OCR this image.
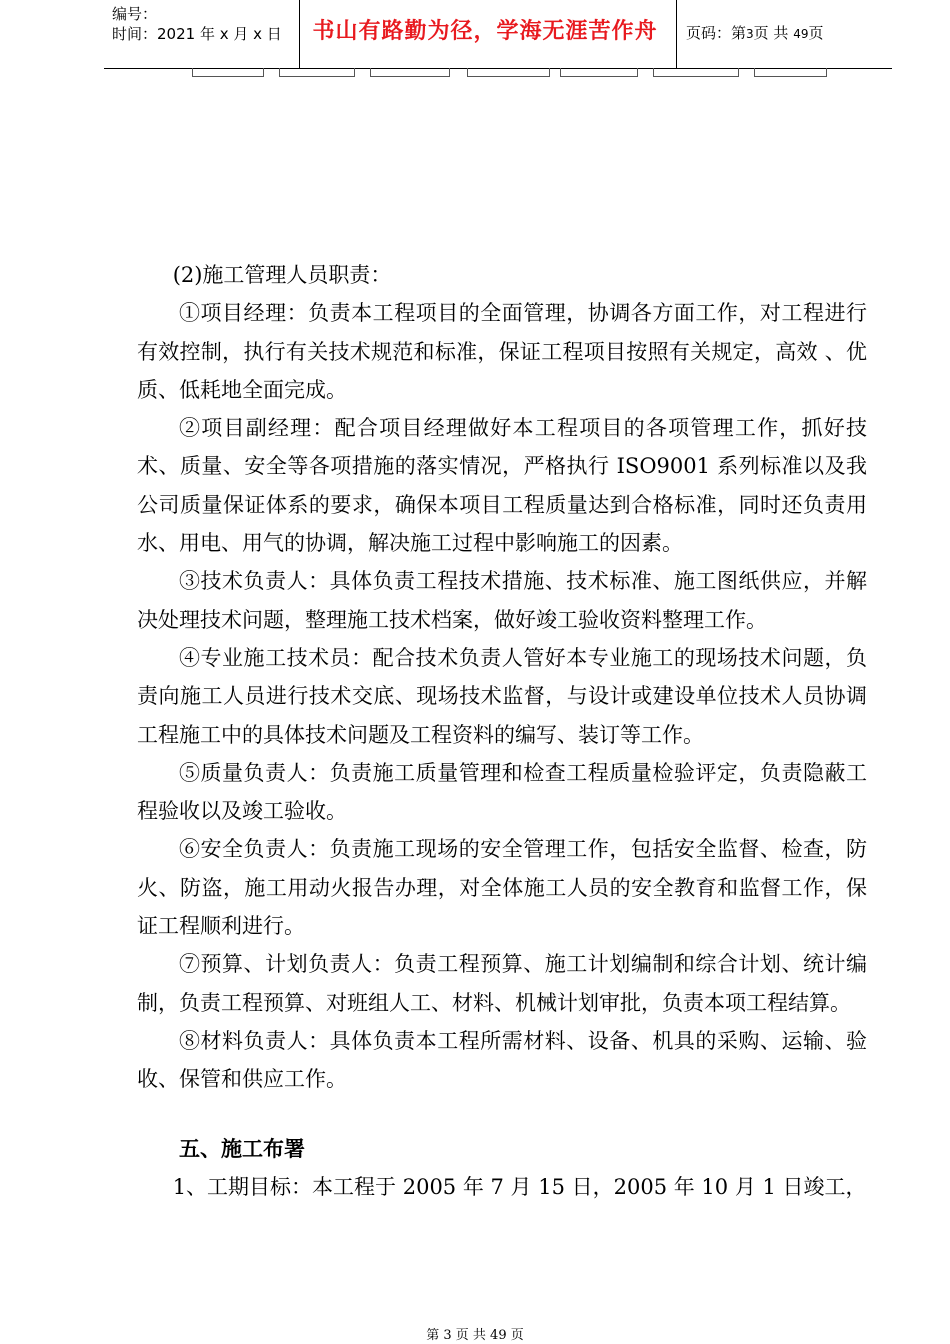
编号：
时间：2021 年 x 月 x 日	书山有路勤为径，学海无涯苦作舟	页码：第3页 共 49页

(2)施工管理人员职责：

①项目经理：负责本工程项目的全面管理，协调各方面工作，对工程进行有效控制，执行有关技术规范和标准，保证工程项目按照有关规定，高效 、优质、低耗地全面完成。

②项目副经理：配合项目经理做好本工程项目的各项管理工作，抓好技术、质量、安全等各项措施的落实情况，严格执行 ISO9001 系列标准以及我公司质量保证体系的要求，确保本项目工程质量达到合格标准，同时还负责用水、用电、用气的协调，解决施工过程中影响施工的因素。

③技术负责人：具体负责工程技术措施、技术标准、施工图纸供应，并解决处理技术问题，整理施工技术档案，做好竣工验收资料整理工作。

④专业施工技术员：配合技术负责人管好本专业施工的现场技术问题，负责向施工人员进行技术交底、现场技术监督，与设计或建设单位技术人员协调工程施工中的具体技术问题及工程资料的编写、装订等工作。

⑤质量负责人：负责施工质量管理和检查工程质量检验评定，负责隐蔽工程验收以及竣工验收。

⑥安全负责人：负责施工现场的安全管理工作，包括安全监督、检查，防火、防盗，施工用动火报告办理，对全体施工人员的安全教育和监督工作，保证工程顺利进行。

⑦预算、计划负责人：负责工程预算、施工计划编制和综合计划、统计编制，负责工程预算、对班组人工、材料、机械计划审批，负责本项工程结算。

⑧材料负责人：具体负责本工程所需材料、设备、机具的采购、运输、验收、保管和供应工作。

五、施工布署

1、工期目标：本工程于 2005 年 7 月 15 日，2005 年 10 月 1 日竣工，

第 3 页 共 49 页
